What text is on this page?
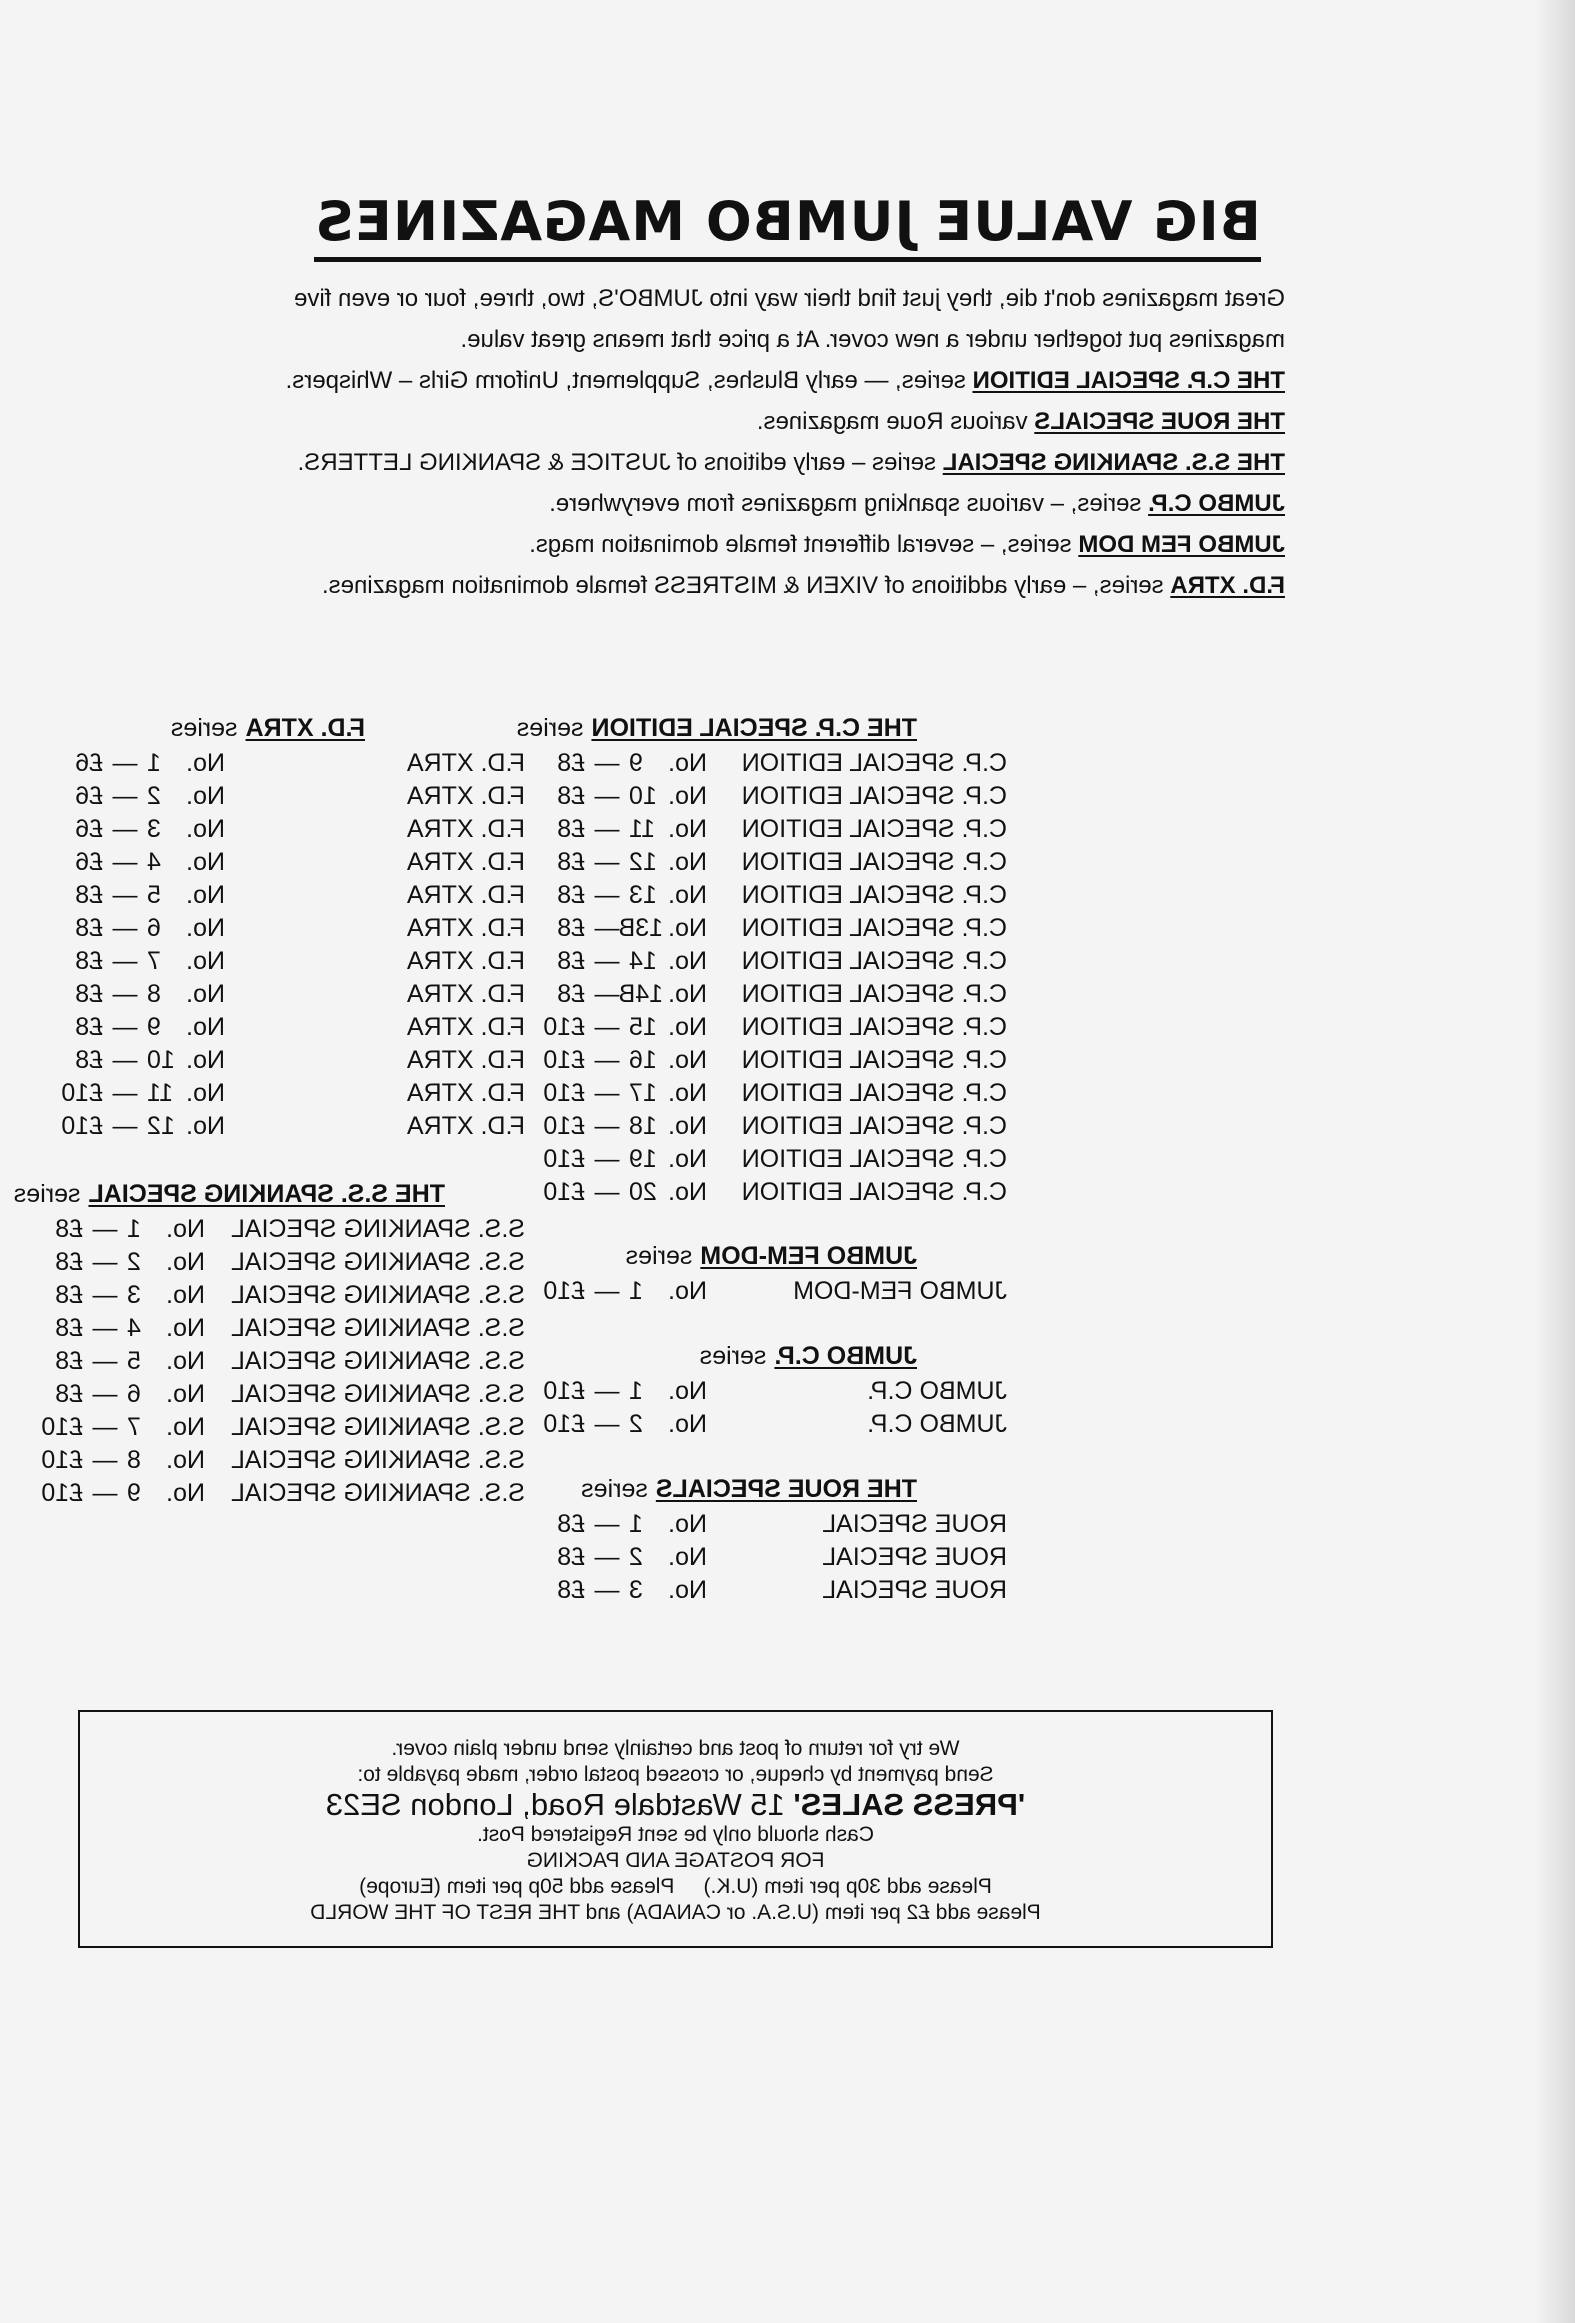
BIG VALUE JUMBO MAGAZINES

Great magazines don't die, they just find their way into JUMBO'S, two, three, four or even five

magazines put together under a new cover. At a price that means great value.

THE C.P. SPECIAL EDITION series, — early Blushes, Supplement, Uniform Girls – Whispers.

THE ROUE SPECIALS various Roue magazines.

THE S.S. SPANKING SPECIAL series – early editions of JUSTICE & SPANKING LETTERS.

JUMBO C.P. series, – various spanking magazines from everywhere.

JUMBO FEM DOM series, – several different female domination mags.

F.D. XTRA series, – early additions of VIXEN & MISTRESS female domination magazines.

THE C.P. SPECIAL EDITIONseries
C.P. SPECIAL EDITION
No.
9
—
£8
C.P. SPECIAL EDITION
No.
10
—
£8
C.P. SPECIAL EDITION
No.
11
—
£8
C.P. SPECIAL EDITION
No.
12
—
£8
C.P. SPECIAL EDITION
No.
13
—
£8
C.P. SPECIAL EDITION
No.
13B
—
£8
C.P. SPECIAL EDITION
No.
14
—
£8
C.P. SPECIAL EDITION
No.
14B
—
£8
C.P. SPECIAL EDITION
No.
15
—
£10
C.P. SPECIAL EDITION
No.
16
—
£10
C.P. SPECIAL EDITION
No.
17
—
£10
C.P. SPECIAL EDITION
No.
18
—
£10
C.P. SPECIAL EDITION
No.
19
—
£10
C.P. SPECIAL EDITION
No.
20
—
£10
JUMBO FEM-DOMseries
JUMBO FEM-DOM
No.
1
—
£10
JUMBO C.P.series
JUMBO C.P.
No.
1
—
£10
JUMBO C.P.
No.
2
—
£10
THE ROUE SPECIALSseries
ROUE SPECIAL
No.
1
—
£8
ROUE SPECIAL
No.
2
—
£8
ROUE SPECIAL
No.
3
—
£8
F.D. XTRAseries
F.D. XTRA
No.
1
—
£6
F.D. XTRA
No.
2
—
£6
F.D. XTRA
No.
3
—
£6
F.D. XTRA
No.
4
—
£6
F.D. XTRA
No.
5
—
£8
F.D. XTRA
No.
6
—
£8
F.D. XTRA
No.
7
—
£8
F.D. XTRA
No.
8
—
£8
F.D. XTRA
No.
9
—
£8
F.D. XTRA
No.
10
—
£8
F.D. XTRA
No.
11
—
£10
F.D. XTRA
No.
12
—
£10
THE S.S. SPANKING SPECIALseries
S.S. SPANKING SPECIAL
No.
1
—
£8
S.S. SPANKING SPECIAL
No.
2
—
£8
S.S. SPANKING SPECIAL
No.
3
—
£8
S.S. SPANKING SPECIAL
No.
4
—
£8
S.S. SPANKING SPECIAL
No.
5
—
£8
S.S. SPANKING SPECIAL
No.
6
—
£8
S.S. SPANKING SPECIAL
No.
7
—
£10
S.S. SPANKING SPECIAL
No.
8
—
£10
S.S. SPANKING SPECIAL
No.
9
—
£10
We try for return of post and certainly send under plain cover.
Send payment by cheque, or crossed postal order, made payable to:
'PRESS SALES' 15 Wastdale Road, London SE23
Cash should only be sent Registered Post.
FOR POSTAGE AND PACKING
Please add 30p per item (U.K.)     Please add 50p per item (Europe)
Please add £2 per item (U.S.A. or CANADA) and THE REST OF THE WORLD
